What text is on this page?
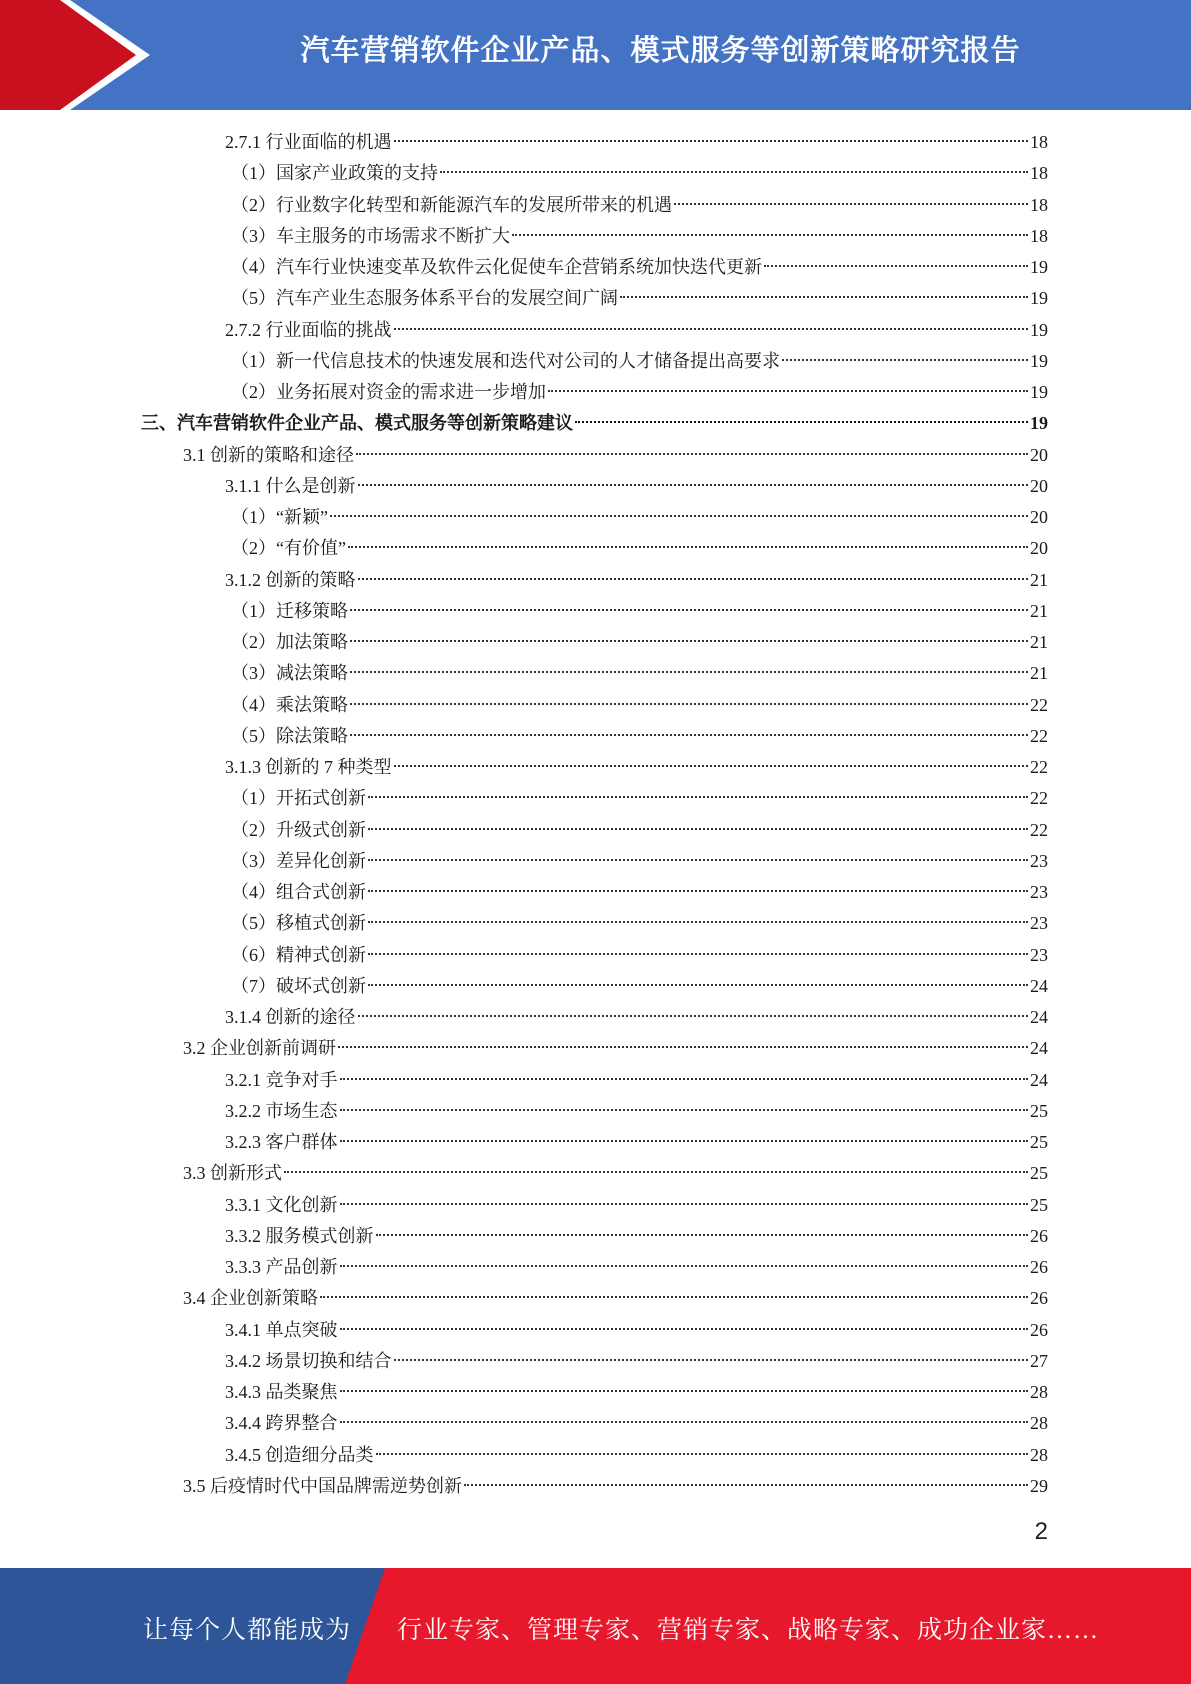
汽车营销软件企业产品、模式服务等创新策略研究报告
2.7.1 行业面临的机遇	18
（1）国家产业政策的支持	18
（2）行业数字化转型和新能源汽车的发展所带来的机遇	18
（3）车主服务的市场需求不断扩大	18
（4）汽车行业快速变革及软件云化促使车企营销系统加快迭代更新	19
（5）汽车产业生态服务体系平台的发展空间广阔	19
2.7.2 行业面临的挑战	19
（1）新一代信息技术的快速发展和迭代对公司的人才储备提出高要求	19
（2）业务拓展对资金的需求进一步增加	19
三、汽车营销软件企业产品、模式服务等创新策略建议	19
3.1 创新的策略和途径	20
3.1.1 什么是创新	20
（1）“新颖”	20
（2）“有价值”	20
3.1.2 创新的策略	21
（1）迁移策略	21
（2）加法策略	21
（3）减法策略	21
（4）乘法策略	22
（5）除法策略	22
3.1.3 创新的 7 种类型	22
（1）开拓式创新	22
（2）升级式创新	22
（3）差异化创新	23
（4）组合式创新	23
（5）移植式创新	23
（6）精神式创新	23
（7）破坏式创新	24
3.1.4 创新的途径	24
3.2 企业创新前调研	24
3.2.1 竞争对手	24
3.2.2 市场生态	25
3.2.3 客户群体	25
3.3 创新形式	25
3.3.1 文化创新	25
3.3.2 服务模式创新	26
3.3.3 产品创新	26
3.4 企业创新策略	26
3.4.1 单点突破	26
3.4.2 场景切换和结合	27
3.4.3 品类聚焦	28
3.4.4 跨界整合	28
3.4.5 创造细分品类	28
3.5 后疫情时代中国品牌需逆势创新	29
2
让每个人都能成为 行业专家、管理专家、营销专家、战略专家、成功企业家……
